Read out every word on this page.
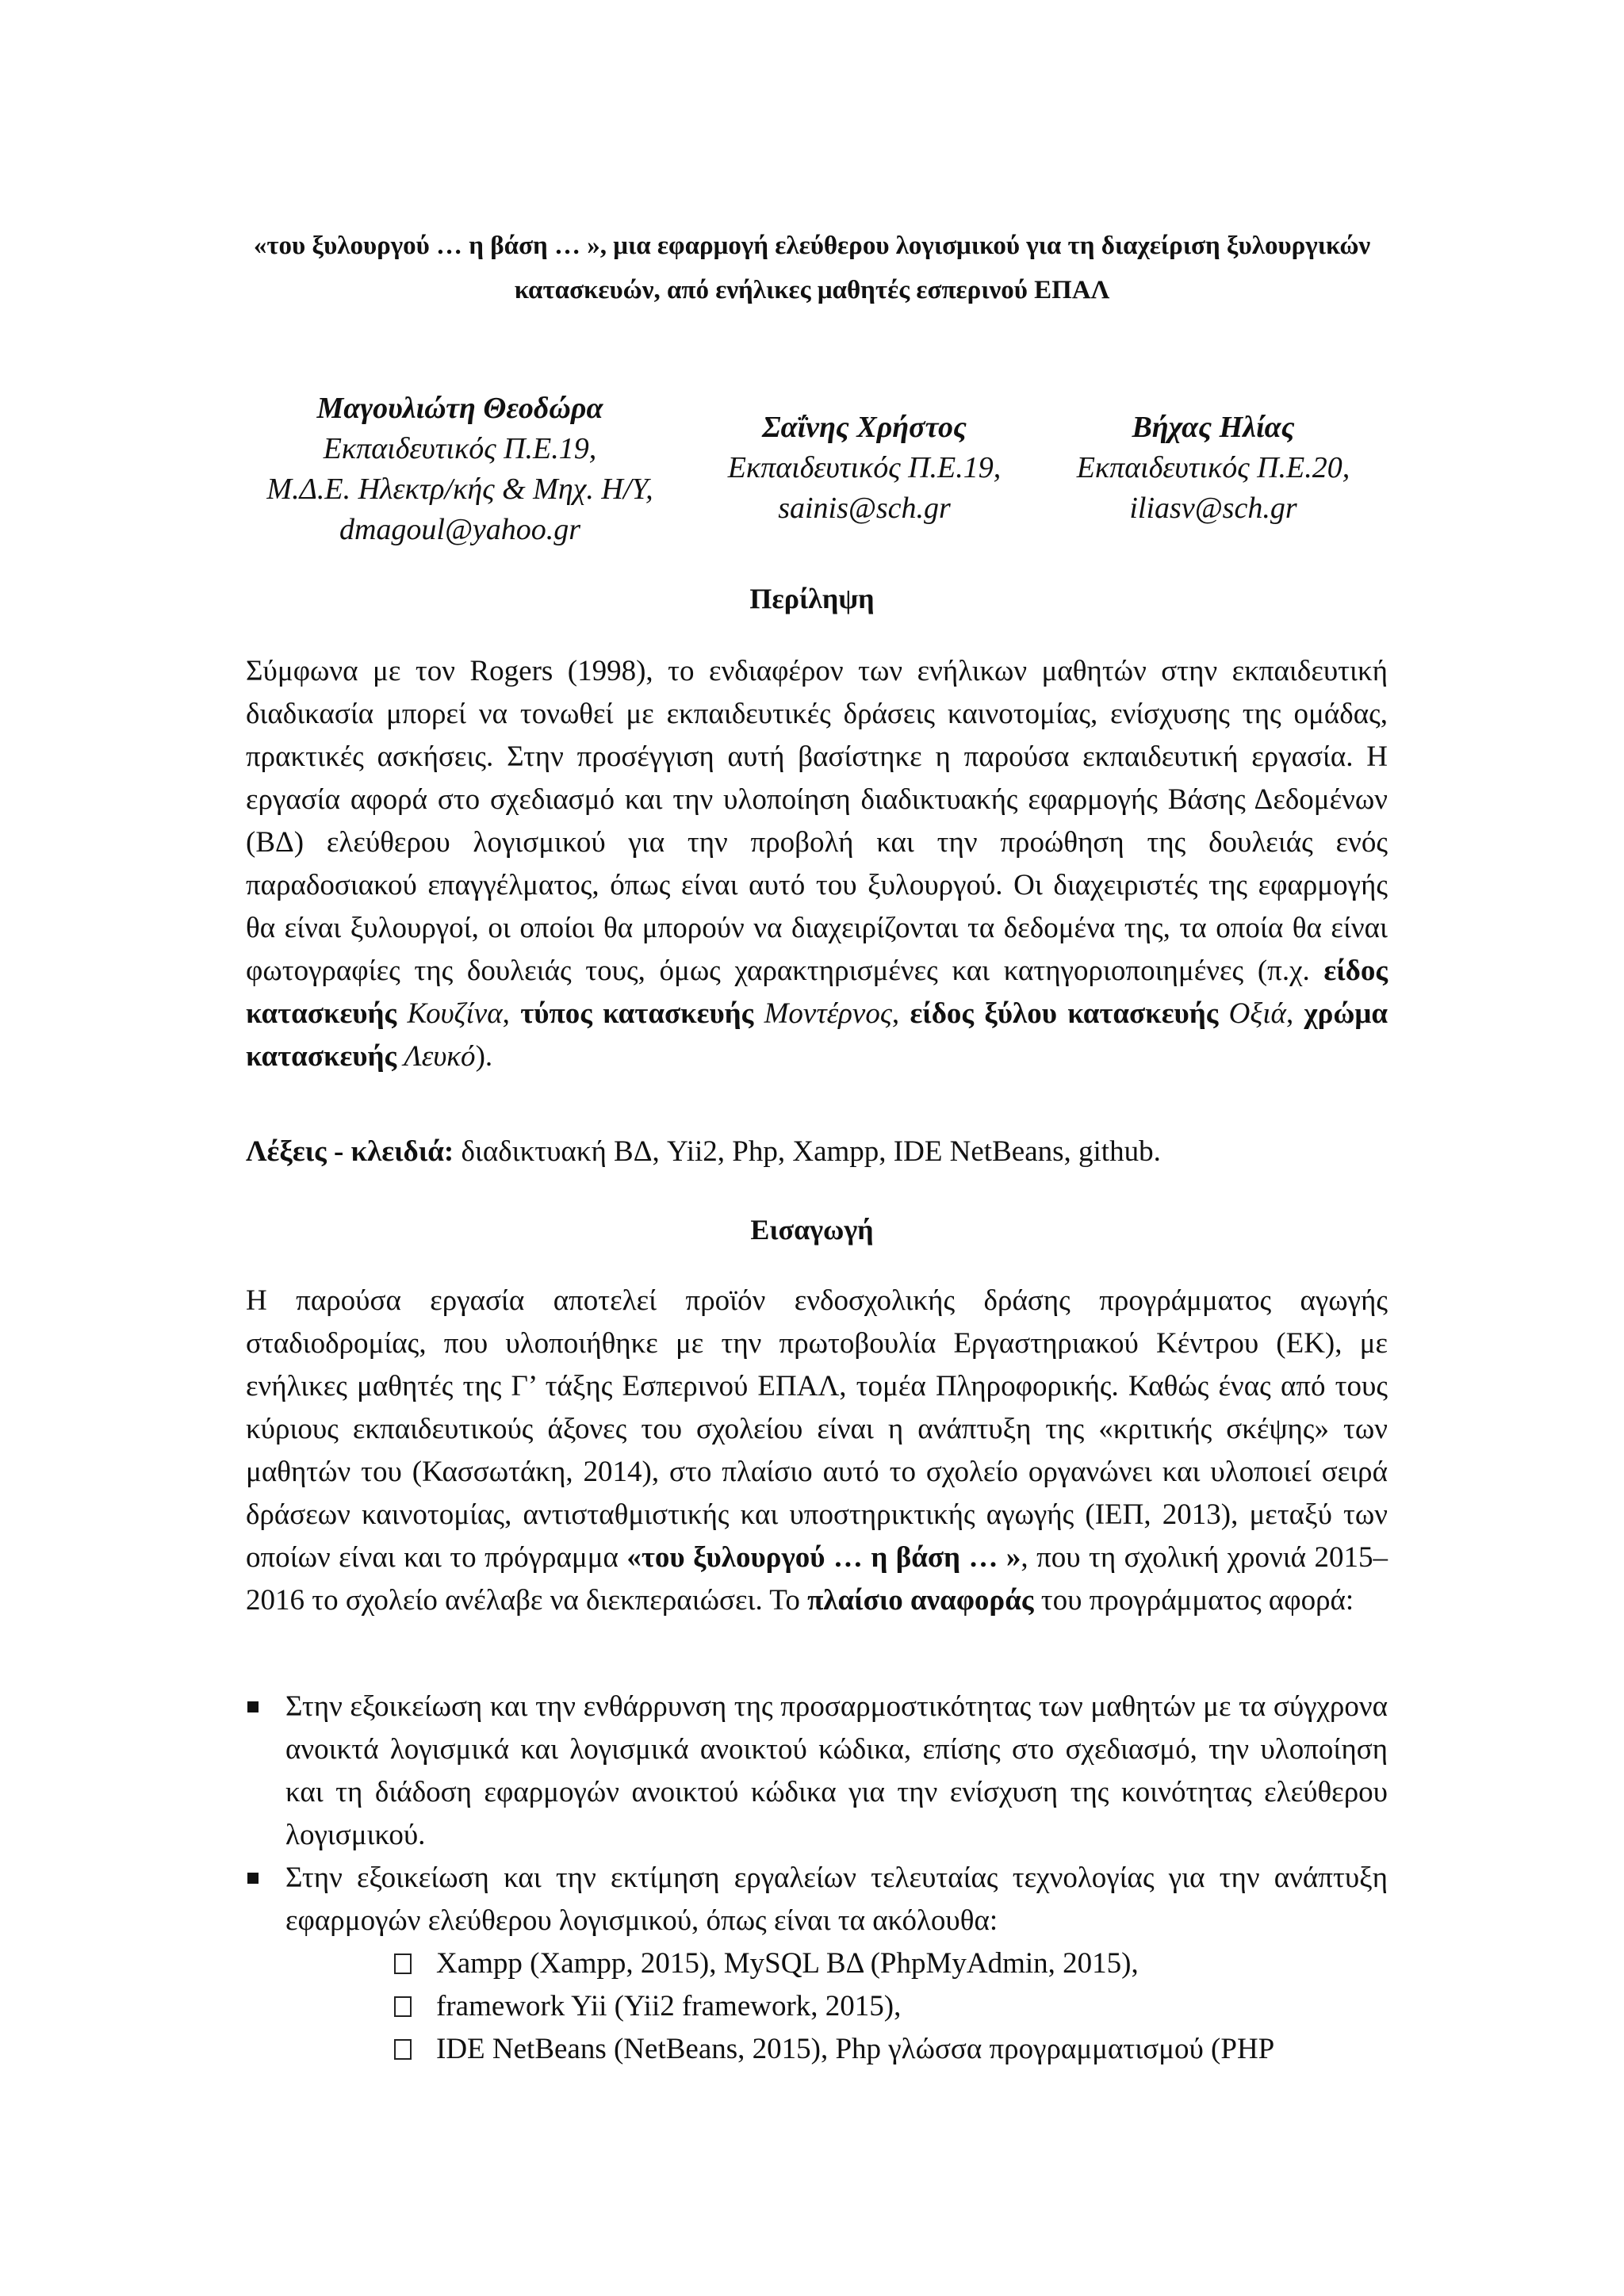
«του ξυλουργού … η βάση … », μια εφαρμογή ελεύθερου λογισμικού για τη διαχείριση ξυλουργικών κατασκευών, από ενήλικες μαθητές εσπερινού ΕΠΑΛ
Μαγουλιώτη Θεοδώρα
Εκπαιδευτικός Π.Ε.19,
Μ.Δ.Ε. Ηλεκτρ/κής & Μηχ. Η/Υ,
dmagoul@yahoo.gr
Σαΐνης Χρήστος
Εκπαιδευτικός Π.Ε.19,
sainis@sch.gr
Βήχας Ηλίας
Εκπαιδευτικός Π.Ε.20,
iliasv@sch.gr
Περίληψη
Σύμφωνα με τον Rogers (1998), το ενδιαφέρον των ενήλικων μαθητών στην εκπαιδευτική διαδικασία μπορεί να τονωθεί με εκπαιδευτικές δράσεις καινοτομίας, ενίσχυσης της ομάδας, πρακτικές ασκήσεις. Στην προσέγγιση αυτή βασίστηκε η παρούσα εκπαιδευτική εργασία. Η εργασία αφορά στο σχεδιασμό και την υλοποίηση διαδικτυακής εφαρμογής Βάσης Δεδομένων (ΒΔ) ελεύθερου λογισμικού για την προβολή και την προώθηση της δουλειάς ενός παραδοσιακού επαγγέλματος, όπως είναι αυτό του ξυλουργού. Οι διαχειριστές της εφαρμογής θα είναι ξυλουργοί, οι οποίοι θα μπορούν να διαχειρίζονται τα δεδομένα της, τα οποία θα είναι φωτογραφίες της δουλειάς τους, όμως χαρακτηρισμένες και κατηγοριοποιημένες (π.χ. είδος κατασκευής Κουζίνα, τύπος κατασκευής Μοντέρνος, είδος ξύλου κατασκευής Οξιά, χρώμα κατασκευής Λευκό).
Λέξεις - κλειδιά: διαδικτυακή ΒΔ, Yii2, Php, Xampp, IDE NetBeans, github.
Εισαγωγή
Η παρούσα εργασία αποτελεί προϊόν ενδοσχολικής δράσης προγράμματος αγωγής σταδιοδρομίας, που υλοποιήθηκε με την πρωτοβουλία Εργαστηριακού Κέντρου (ΕΚ), με ενήλικες μαθητές της Γ’ τάξης Εσπερινού ΕΠΑΛ, τομέα Πληροφορικής. Καθώς ένας από τους κύριους εκπαιδευτικούς άξονες του σχολείου είναι η ανάπτυξη της «κριτικής σκέψης» των μαθητών του (Κασσωτάκη, 2014), στο πλαίσιο αυτό το σχολείο οργανώνει και υλοποιεί σειρά δράσεων καινοτομίας, αντισταθμιστικής και υποστηρικτικής αγωγής (ΙΕΠ, 2013), μεταξύ των οποίων είναι και το πρόγραμμα «του ξυλουργού … η βάση … », που τη σχολική χρονιά 2015–2016 το σχολείο ανέλαβε να διεκπεραιώσει. Το πλαίσιο αναφοράς του προγράμματος αφορά:
Στην εξοικείωση και την ενθάρρυνση της προσαρμοστικότητας των μαθητών με τα σύγχρονα ανοικτά λογισμικά και λογισμικά ανοικτού κώδικα, επίσης στο σχεδιασμό, την υλοποίηση και τη διάδοση εφαρμογών ανοικτού κώδικα για την ενίσχυση της κοινότητας ελεύθερου λογισμικού.
Στην εξοικείωση και την εκτίμηση εργαλείων τελευταίας τεχνολογίας για την ανάπτυξη εφαρμογών ελεύθερου λογισμικού, όπως είναι τα ακόλουθα:
Xampp (Xampp, 2015), MySQL ΒΔ (PhpMyAdmin, 2015),
framework Yii (Yii2 framework, 2015),
IDE NetBeans (NetBeans, 2015), Php γλώσσα προγραμματισμού (PHP
